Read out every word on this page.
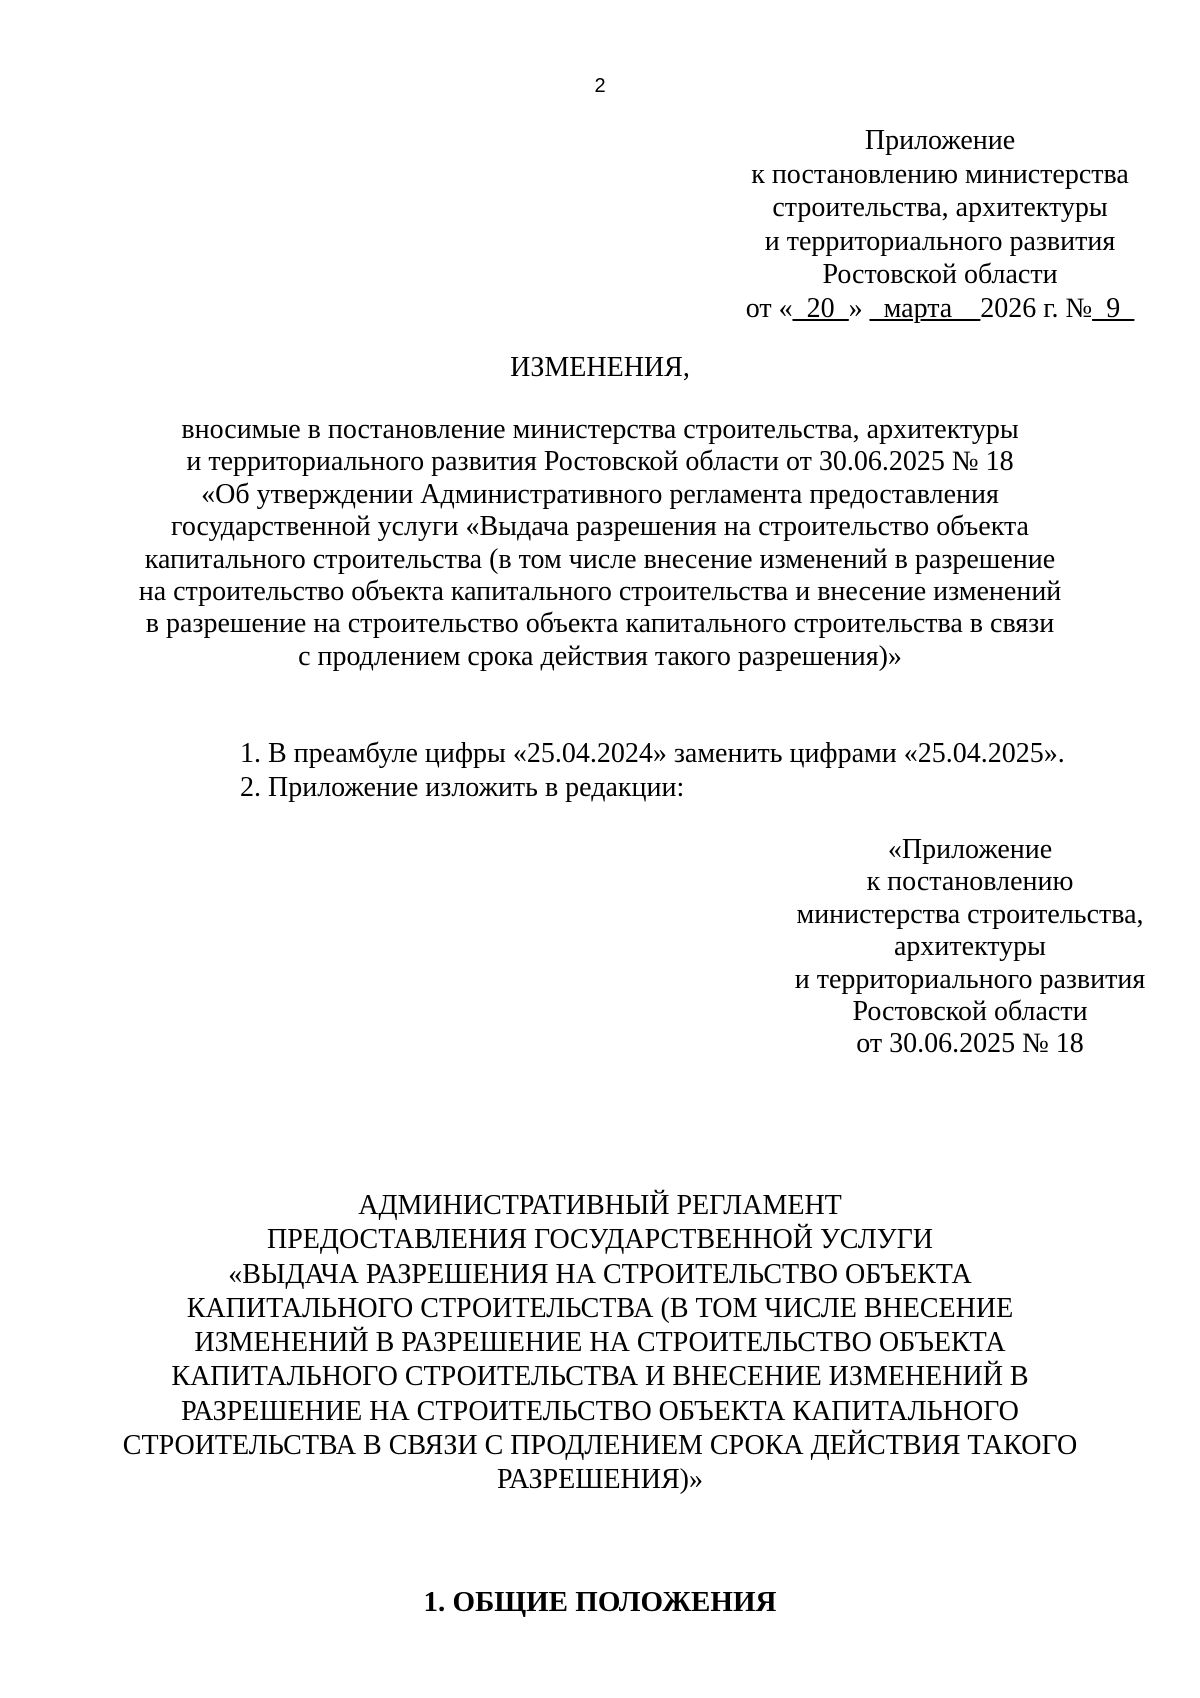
2
Приложение
к постановлению министерства
строительства, архитектуры
и территориального развития
Ростовской области
от «_20_» _марта__2026 г. №_9_
ИЗМЕНЕНИЯ,
вносимые в постановление министерства строительства, архитектуры
и территориального развития Ростовской области от 30.06.2025 № 18
«Об утверждении Административного регламента предоставления
государственной услуги «Выдача разрешения на строительство объекта
капитального строительства (в том числе внесение изменений в разрешение
на строительство объекта капитального строительства и внесение изменений
в разрешение на строительство объекта капитального строительства в связи
с продлением срока действия такого разрешения)»
1. В преамбуле цифры «25.04.2024» заменить цифрами «25.04.2025».
2. Приложение изложить в редакции:
«Приложение
к постановлению
министерства строительства,
архитектуры
и территориального развития
Ростовской области
от 30.06.2025 № 18
АДМИНИСТРАТИВНЫЙ РЕГЛАМЕНТ
ПРЕДОСТАВЛЕНИЯ ГОСУДАРСТВЕННОЙ УСЛУГИ
«ВЫДАЧА РАЗРЕШЕНИЯ НА СТРОИТЕЛЬСТВО ОБЪЕКТА
КАПИТАЛЬНОГО СТРОИТЕЛЬСТВА (В ТОМ ЧИСЛЕ ВНЕСЕНИЕ
ИЗМЕНЕНИЙ В РАЗРЕШЕНИЕ НА СТРОИТЕЛЬСТВО ОБЪЕКТА
КАПИТАЛЬНОГО СТРОИТЕЛЬСТВА И ВНЕСЕНИЕ ИЗМЕНЕНИЙ В
РАЗРЕШЕНИЕ НА СТРОИТЕЛЬСТВО ОБЪЕКТА КАПИТАЛЬНОГО
СТРОИТЕЛЬСТВА В СВЯЗИ С ПРОДЛЕНИЕМ СРОКА ДЕЙСТВИЯ ТАКОГО
РАЗРЕШЕНИЯ)»
1. ОБЩИЕ ПОЛОЖЕНИЯ
